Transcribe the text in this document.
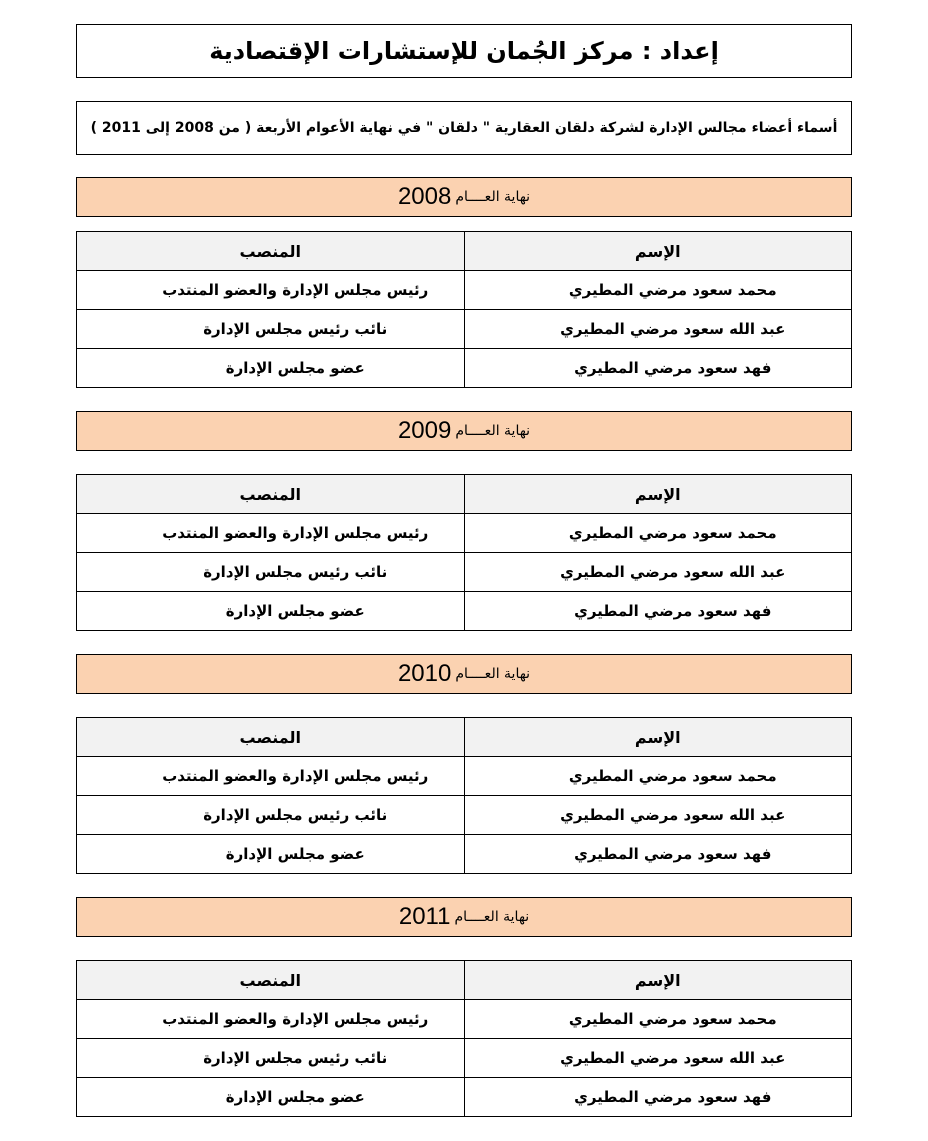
إعداد : مركز الجُمان للإستشارات الإقتصادية
أسماء أعضاء مجالس الإدارة لشركة دلقان العقارية " دلقان " في نهاية الأعوام الأربعة ( من 2008 إلى 2011 )
نهاية العــــام
2008
الإسم	المنصب
محمد سعود مرضي المطيري	رئيس مجلس الإدارة والعضو المنتدب
عبد الله سعود مرضي المطيري	نائب رئيس مجلس الإدارة
فهد سعود مرضي المطيري	عضو مجلس الإدارة
نهاية العــــام
2009
الإسم	المنصب
محمد سعود مرضي المطيري	رئيس مجلس الإدارة والعضو المنتدب
عبد الله سعود مرضي المطيري	نائب رئيس مجلس الإدارة
فهد سعود مرضي المطيري	عضو مجلس الإدارة
نهاية العــــام
2010
الإسم	المنصب
محمد سعود مرضي المطيري	رئيس مجلس الإدارة والعضو المنتدب
عبد الله سعود مرضي المطيري	نائب رئيس مجلس الإدارة
فهد سعود مرضي المطيري	عضو مجلس الإدارة
نهاية العــــام
2011
الإسم	المنصب
محمد سعود مرضي المطيري	رئيس مجلس الإدارة والعضو المنتدب
عبد الله سعود مرضي المطيري	نائب رئيس مجلس الإدارة
فهد سعود مرضي المطيري	عضو مجلس الإدارة
